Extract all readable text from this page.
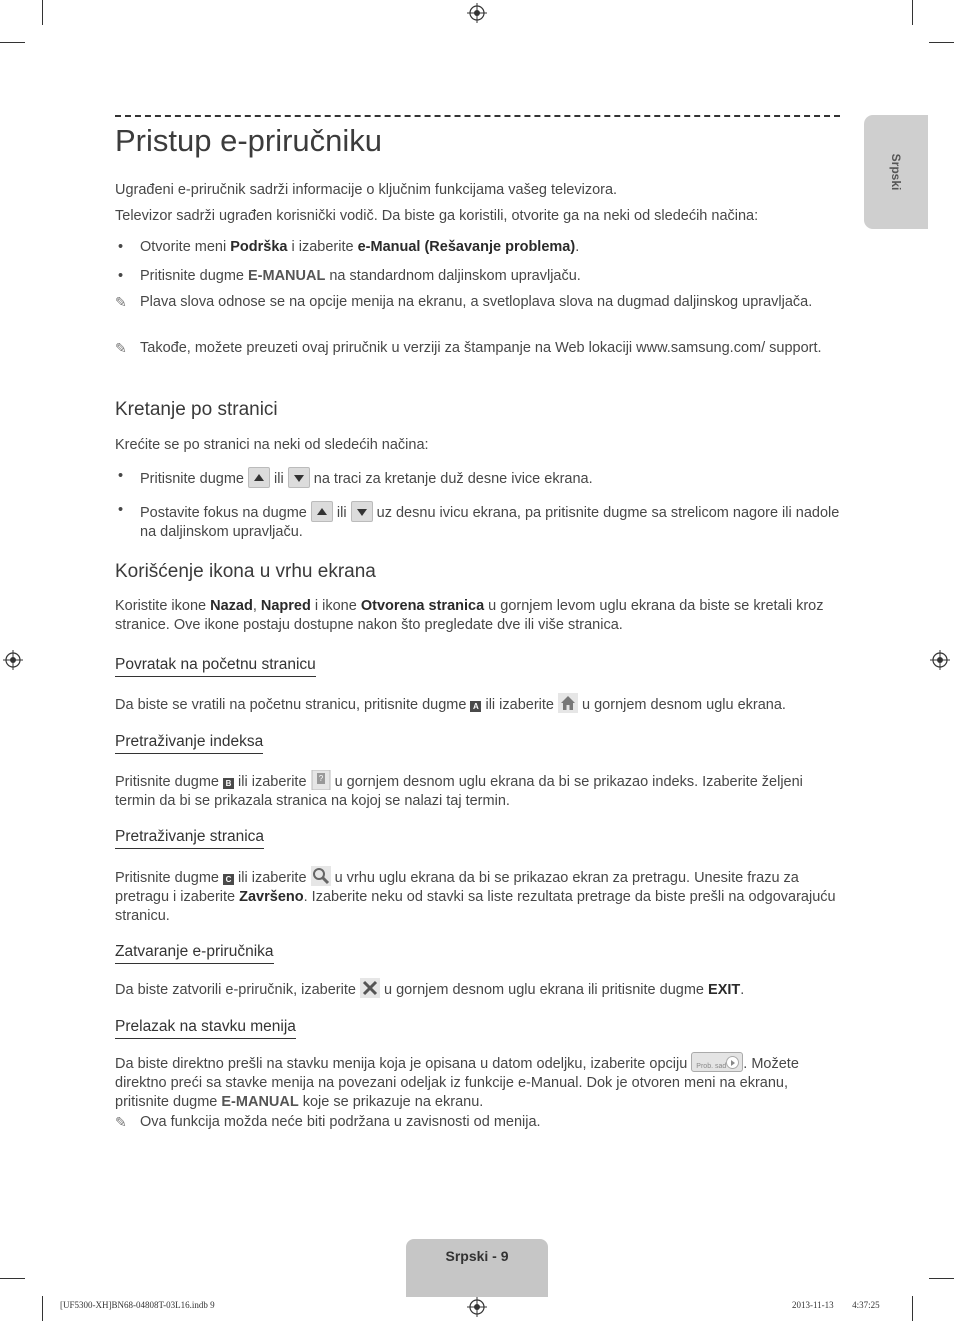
Srpski
Pristup e-priručniku
Ugrađeni e-priručnik sadrži informacije o ključnim funkcijama vašeg televizora.
Televizor sadrži ugrađen korisnički vodič. Da biste ga koristili, otvorite ga na neki od sledećih načina:
• Otvorite meni Podrška i izaberite e-Manual (Rešavanje problema).
• Pritisnite dugme E-MANUAL na standardnom daljinskom upravljaču.
✎ Plava slova odnose se na opcije menija na ekranu, a svetloplava slova na dugmad daljinskog upravljača.
✎ Takođe, možete preuzeti ovaj priručnik u verziji za štampanje na Web lokaciji www.samsung.com/ support.
Kretanje po stranici
Krećite se po stranici na neki od sledećih načina:
• Pritisnite dugme
ili
na traci za kretanje duž desne ivice ekrana.
• Postavite fokus na dugme
ili
uz desnu ivicu ekrana, pa pritisnite dugme sa strelicom nagore ili nadole na daljinskom upravljaču.
Korišćenje ikona u vrhu ekrana
Koristite ikone Nazad, Napred i ikone Otvorena stranica u gornjem levom uglu ekrana da biste se kretali kroz stranice. Ove ikone postaju dostupne nakon što pregledate dve ili više stranica.
Povratak na početnu stranicu
Da biste se vratili na početnu stranicu, pritisnite dugme A ili izaberite  u gornjem desnom uglu ekrana.
Pretraživanje indeksa
Pritisnite dugme B ili izaberite ? u gornjem desnom uglu ekrana da bi se prikazao indeks. Izaberite željeni termin da bi se prikazala stranica na kojoj se nalazi taj termin.
Pretraživanje stranica
Pritisnite dugme C ili izaberite  u vrhu uglu ekrana da bi se prikazao ekran za pretragu. Unesite frazu za pretragu i izaberite Završeno. Izaberite neku od stavki sa liste rezultata pretrage da biste prešli na odgovarajuću stranicu.
Zatvaranje e-priručnika
Da biste zatvorili e-priručnik, izaberite  u gornjem desnom uglu ekrana ili pritisnite dugme EXIT.
Prelazak na stavku menija
Da biste direktno prešli na stavku menija koja je opisana u datom odeljku, izaberite opciju Prob. sad . Možete direktno preći sa stavke menija na povezani odeljak iz funkcije e-Manual. Dok je otvoren meni na ekranu, pritisnite dugme E-MANUAL koje se prikazuje na ekranu.
✎ Ova funkcija možda neće biti podržana u zavisnosti od menija.
Srpski - 9
[UF5300-XH]BN68-04808T-03L16.indb 9	2013-11-13 ￿￿ 4:37:25
